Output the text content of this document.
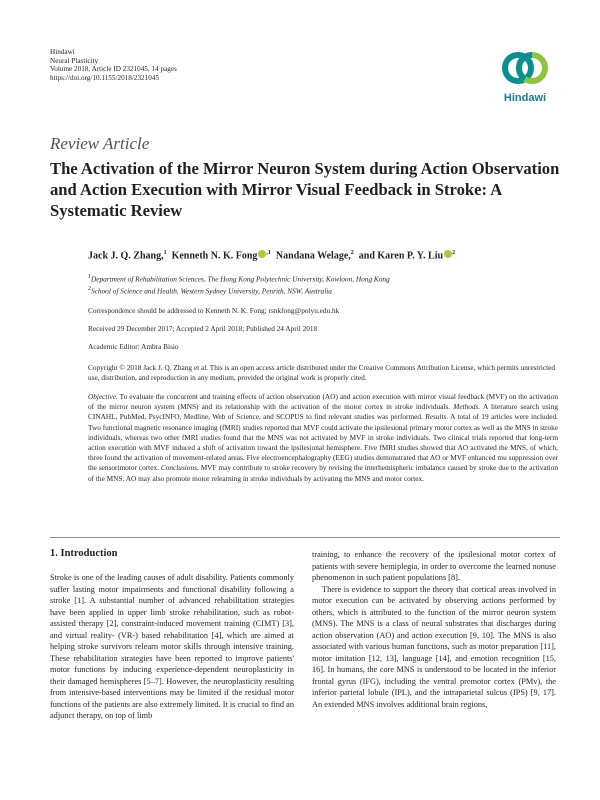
Hindawi
Neural Plasticity
Volume 2018, Article ID 2321045, 14 pages
https://doi.org/10.1155/2018/2321045
Hindawi
Review Article
The Activation of the Mirror Neuron System during Action Observation and Action Execution with Mirror Visual Feedback in Stroke: A Systematic Review
Jack J. Q. Zhang,$^1$ Kenneth N. K. Fong $^{,1}$ Nandana Welage,$^2$ and Karen P. Y. Liu $^2$
$^1$Department of Rehabilitation Sciences, The Hong Kong Polytechnic University, Kowloon, Hong Kong
$^2$School of Science and Health, Western Sydney University, Penrith, NSW, Australia
Correspondence should be addressed to Kenneth N. K. Fong; rsnkfong@polyu.edu.hk
Received 29 December 2017; Accepted 2 April 2018; Published 24 April 2018
Academic Editor: Ambra Bisio
Copyright © 2018 Jack J. Q. Zhang et al. This is an open access article distributed under the Creative Commons Attribution License, which permits unrestricted use, distribution, and reproduction in any medium, provided the original work is properly cited.
Objective. To evaluate the concurrent and training effects of action observation (AO) and action execution with mirror visual feedback (MVF) on the activation of the mirror neuron system (MNS) and its relationship with the activation of the motor cortex in stroke individuals. Methods. A literature search using CINAHL, PubMed, PsycINFO, Medline, Web of Science, and SCOPUS to find relevant studies was performed. Results. A total of 19 articles were included. Two functional magnetic resonance imaging (fMRI) studies reported that MVF could activate the ipsilesional primary motor cortex as well as the MNS in stroke individuals, whereas two other fMRI studies found that the MNS was not activated by MVF in stroke individuals. Two clinical trials reported that long-term action execution with MVF induced a shift of activation toward the ipsilesional hemisphere. Five fMRI studies showed that AO activated the MNS, of which, three found the activation of movement-related areas. Five electroencephalography (EEG) studies demonstrated that AO or MVF enhanced mu suppression over the sensorimotor cortex. Conclusions. MVF may contribute to stroke recovery by revising the interhemispheric imbalance caused by stroke due to the activation of the MNS. AO may also promote motor relearning in stroke individuals by activating the MNS and motor cortex.
1. Introduction

Stroke is one of the leading causes of adult disability. Patients commonly suffer lasting motor impairments and functional disability following a stroke [1]. A substantial number of advanced rehabilitation strategies have been applied in upper limb stroke rehabilitation, such as robot-assisted therapy [2], constraint-induced movement training (CIMT) [3], and virtual reality- (VR-) based rehabilitation [4], which are aimed at helping stroke survivors relearn motor skills through intensive training. These rehabilitation strategies have been reported to improve patients' motor functions by inducing experience-dependent neuroplasticity in their damaged hemispheres [5–7]. However, the neuroplasticity resulting from intensive-based interventions may be limited if the residual motor functions of the patients are also extremely limited. It is crucial to find an adjunct therapy, on top of limb

training, to enhance the recovery of the ipsilesional motor cortex of patients with severe hemiplegia, in order to overcome the learned nonuse phenomenon in such patient populations [8].

There is evidence to support the theory that cortical areas involved in motor execution can be activated by observing actions performed by others, which is attributed to the function of the mirror neuron system (MNS). The MNS is a class of neural substrates that discharges during action observation (AO) and action execution [9, 10]. The MNS is also associated with various human functions, such as motor preparation [11], motor imitation [12, 13], language [14], and emotion recognition [15, 16]. In humans, the core MNS is understood to be located in the inferior frontal gyrus (IFG), including the ventral premotor cortex (PMv), the inferior parietal lobule (IPL), and the intraparietal sulcus (IPS) [9, 17]. An extended MNS involves additional brain regions,
